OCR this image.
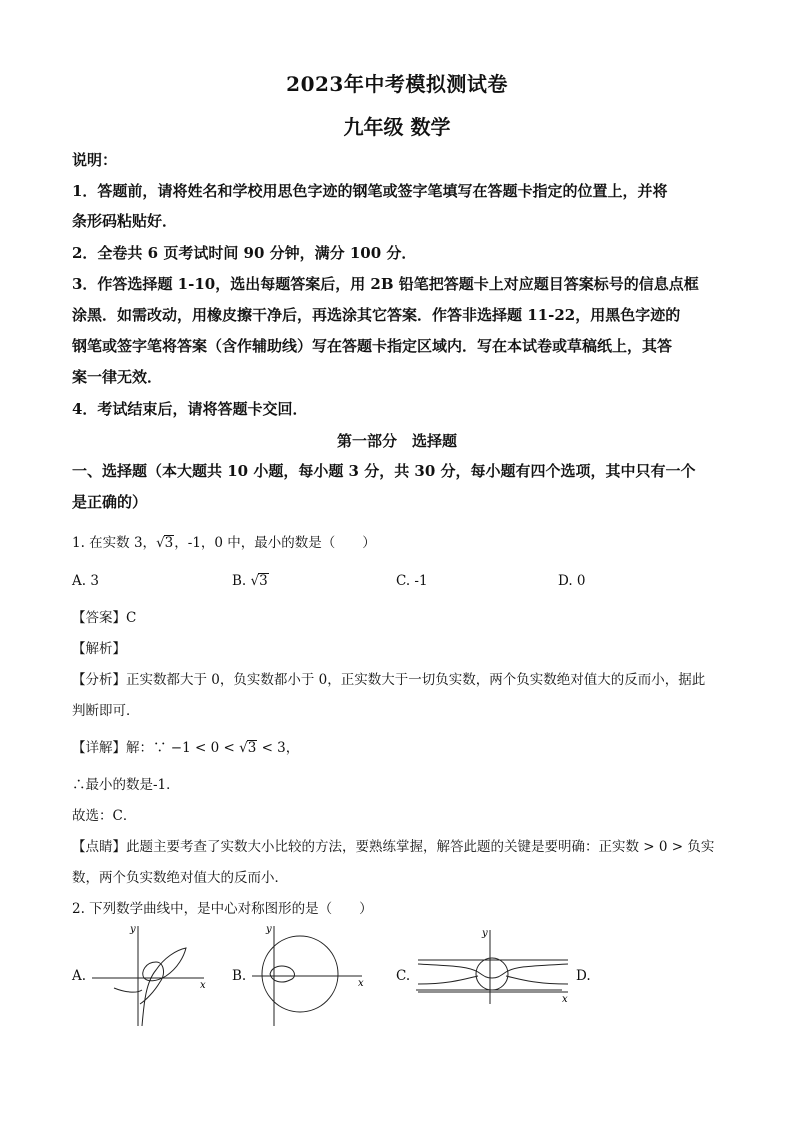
2023年中考模拟测试卷
九年级 数学
说明：
1．答题前，请将姓名和学校用思色字迹的钢笔或签字笔填写在答题卡指定的位置上，并将
条形码粘贴好．
2．全卷共 6 页考试时间 90 分钟，满分 100 分．
3．作答选择题 1-10，选出每题答案后，用 2B 铅笔把答题卡上对应题目答案标号的信息点框
涂黑．如需改动，用橡皮擦干净后，再选涂其它答案．作答非选择题 11-22，用黑色字迹的
钢笔或签字笔将答案（含作辅助线）写在答题卡指定区域内．写在本试卷或草稿纸上，其答
案一律无效．
4．考试结束后，请将答题卡交回．
第一部分　选择题
一、选择题（本大题共 10 小题，每小题 3 分，共 30 分，每小题有四个选项，其中只有一个
是正确的）
1. 在实数 3，√3，-1，0 中，最小的数是（　　）
A. 3	B. √3	C. -1	D. 0
【答案】C
【解析】
【分析】正实数都大于 0，负实数都小于 0，正实数大于一切负实数，两个负实数绝对值大的反而小，据此
判断即可．
【详解】解：∵ −1 < 0 < √3 < 3，
∴最小的数是-1．
故选：C．
【点睛】此题主要考查了实数大小比较的方法，要熟练掌握，解答此题的关键是要明确：正实数 > 0 > 负实
数，两个负实数绝对值大的反而小．
2. 下列数学曲线中，是中心对称图形的是（　　）
A.	B.	C.	D.
x
y
x
y
x
y
